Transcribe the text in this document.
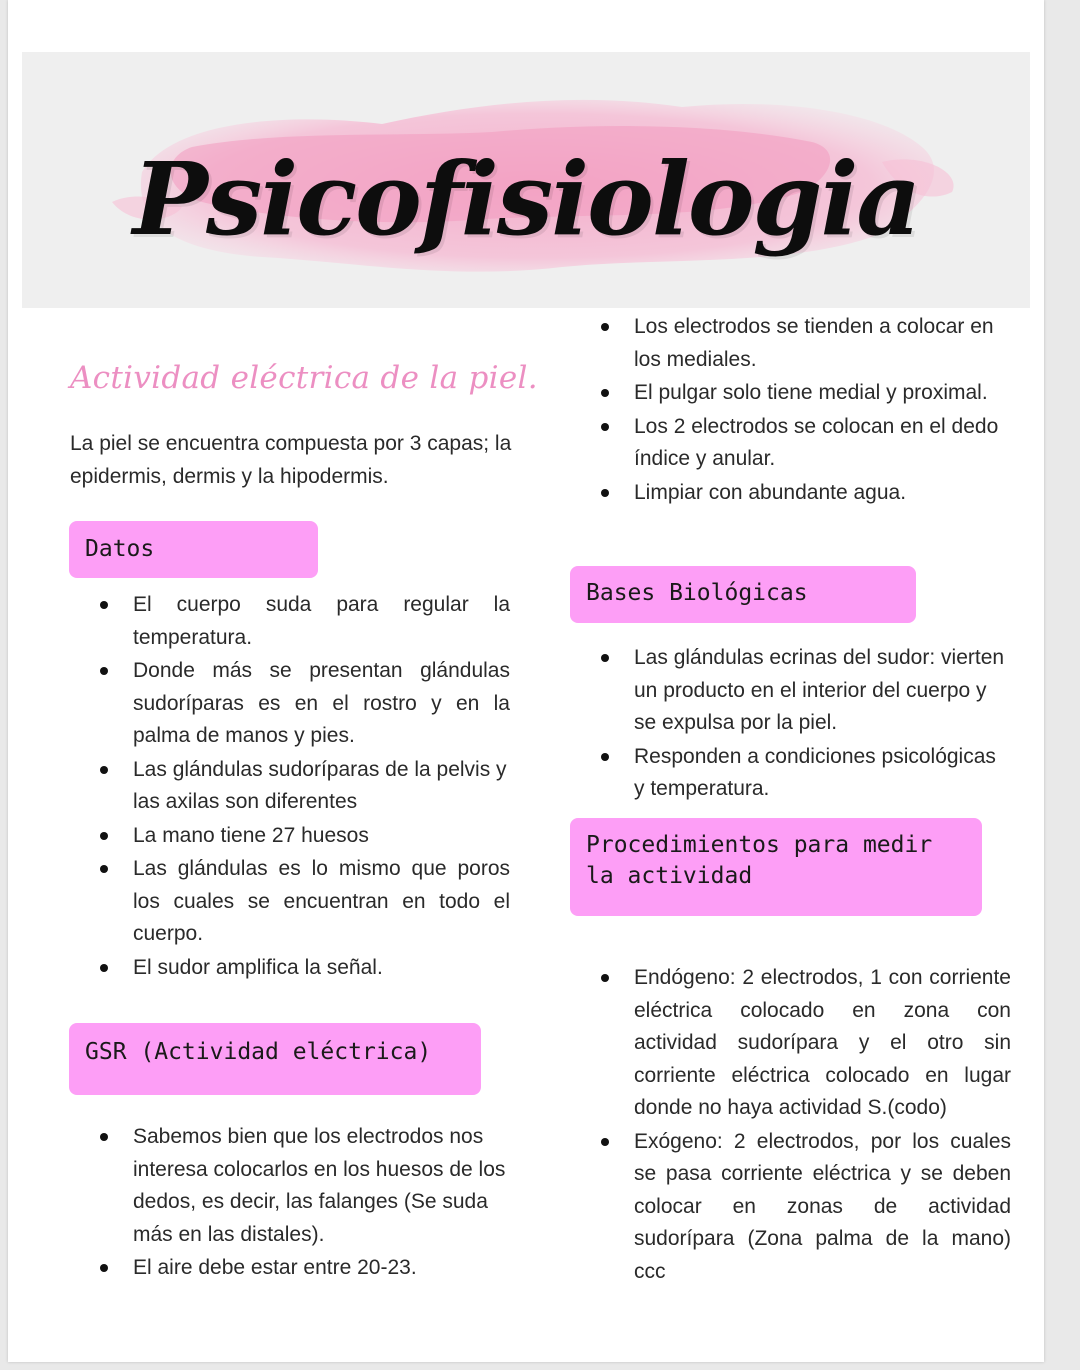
Psicofisiologia
Actividad eléctrica de la piel.
La piel se encuentra compuesta por 3 capas; la epidermis, dermis y la hipodermis.
Datos
El cuerpo suda para regular la temperatura.
Donde más se presentan glándulas sudoríparas es en el rostro y en la palma de manos y pies.
Las glándulas sudoríparas de la pelvis y las axilas son diferentes
La mano tiene 27 huesos
Las glándulas es lo mismo que poros los cuales se encuentran en todo el cuerpo.
El sudor amplifica la señal.
GSR (Actividad eléctrica)
Sabemos bien que los electrodos nos interesa colocarlos en los huesos de los dedos, es decir, las falanges (Se suda más en las distales).
El aire debe estar entre 20-23.
Los electrodos se tienden a colocar en los mediales.
El pulgar solo tiene medial y proximal.
Los 2 electrodos se colocan en el dedo índice y anular.
Limpiar con abundante agua.
Bases Biológicas
Las glándulas ecrinas del sudor: vierten un producto en el interior del cuerpo y se expulsa por la piel.
Responden a condiciones psicológicas y temperatura.
Procedimientos para medir
la actividad
Endógeno: 2 electrodos, 1 con corriente eléctrica colocado en zona con actividad sudorípara y el otro sin corriente eléctrica colocado en lugar donde no haya actividad S.(codo)
Exógeno: 2 electrodos, por los cuales se pasa corriente eléctrica y se deben colocar en zonas de actividad sudorípara (Zona palma de la mano) ccc
